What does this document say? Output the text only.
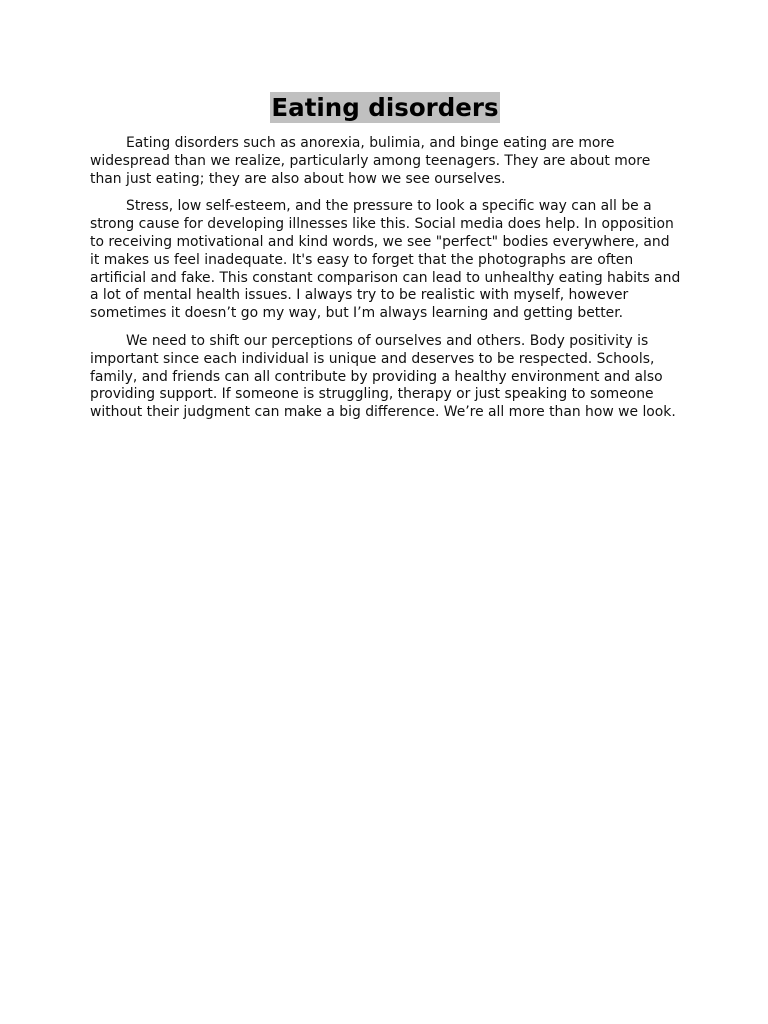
Eating disorders
Eating disorders such as anorexia, bulimia, and binge eating are more
widespread than we realize, particularly among teenagers. They are about more
than just eating; they are also about how we see ourselves.
Stress, low self-esteem, and the pressure to look a specific way can all be a
strong cause for developing illnesses like this. Social media does help. In opposition
to receiving motivational and kind words, we see "perfect" bodies everywhere, and
it makes us feel inadequate. It's easy to forget that the photographs are often
artificial and fake. This constant comparison can lead to unhealthy eating habits and
a lot of mental health issues. I always try to be realistic with myself, however
sometimes it doesn’t go my way, but I’m always learning and getting better.
We need to shift our perceptions of ourselves and others. Body positivity is
important since each individual is unique and deserves to be respected. Schools,
family, and friends can all contribute by providing a healthy environment and also
providing support. If someone is struggling, therapy or just speaking to someone
without their judgment can make a big difference. We’re all more than how we look.
